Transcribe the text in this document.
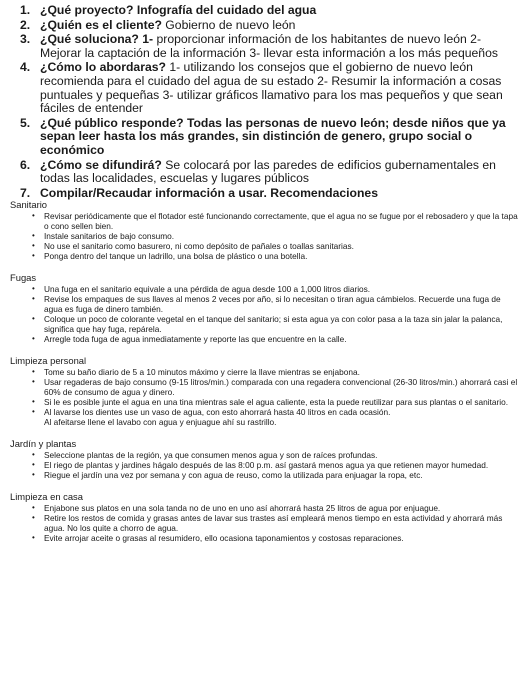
1. ¿Qué proyecto? Infografía del cuidado del agua
2. ¿Quién es el cliente? Gobierno de nuevo león
3. ¿Qué soluciona? 1- proporcionar información de los habitantes de nuevo león 2- Mejorar la captación de la información 3- llevar esta información a los más pequeños
4. ¿Cómo lo abordaras? 1- utilizando los consejos que el gobierno de nuevo león recomienda para el cuidado del agua de su estado 2- Resumir la información a cosas puntuales y pequeñas 3- utilizar gráficos llamativo para los mas pequeños y que sean fáciles de entender
5. ¿Qué público responde? Todas las personas de nuevo león; desde niños que ya sepan leer hasta los más grandes, sin distinción de genero, grupo social o económico
6. ¿Cómo se difundirá? Se colocará por las paredes de edificios gubernamentales en todas las localidades, escuelas y lugares públicos
7. Compilar/Recaudar información a usar. Recomendaciones

Sanitario

• Revisar periódicamente que el flotador esté funcionando correctamente, que el agua no se fugue por el rebosadero y que la tapa o cono sellen bien.
• Instale sanitarios de bajo consumo.
• No use el sanitario como basurero, ni como depósito de pañales o toallas sanitarias.
• Ponga dentro del tanque un ladrillo, una bolsa de plástico o una botella.

Fugas

• Una fuga en el sanitario equivale a una pérdida de agua desde 100 a 1,000 litros diarios.
• Revise los empaques de sus llaves al menos 2 veces por año, si lo necesitan o tiran agua cámbielos. Recuerde una fuga de agua es fuga de dinero también.
• Coloque un poco de colorante vegetal en el tanque del sanitario; si esta agua ya con color pasa a la taza sin jalar la palanca, significa que hay fuga, repárela.
• Arregle toda fuga de agua inmediatamente y reporte las que encuentre en la calle.

Limpieza personal

• Tome su baño diario de 5 a 10 minutos máximo y cierre la llave mientras se enjabona.
• Usar regaderas de bajo consumo (9-15 litros/min.) comparada con una regadera convencional (26-30 litros/min.) ahorrará casi el 60% de consumo de agua y dinero.
• Si le es posible junte el agua en una tina mientras sale el agua caliente, esta la puede reutilizar para sus plantas o el sanitario.
• Al lavarse los dientes use un vaso de agua, con esto ahorrará hasta 40 litros en cada ocasión.
Al afeitarse llene el lavabo con agua y enjuague ahí su rastrillo.

Jardín y plantas

• Seleccione plantas de la región, ya que consumen menos agua y son de raíces profundas.
• El riego de plantas y jardines hágalo después de las 8:00 p.m. así gastará menos agua ya que retienen mayor humedad.
• Riegue el jardín una vez por semana y con agua de reuso, como la utilizada para enjuagar la ropa, etc.

Limpieza en casa

• Enjabone sus platos en una sola tanda no de uno en uno así ahorrará hasta 25 litros de agua por enjuague.
• Retire los restos de comida y grasas antes de lavar sus trastes así empleará menos tiempo en esta actividad y ahorrará más agua. No los quite a chorro de agua.
• Evite arrojar aceite o grasas al resumidero, ello ocasiona taponamientos y costosas reparaciones.
